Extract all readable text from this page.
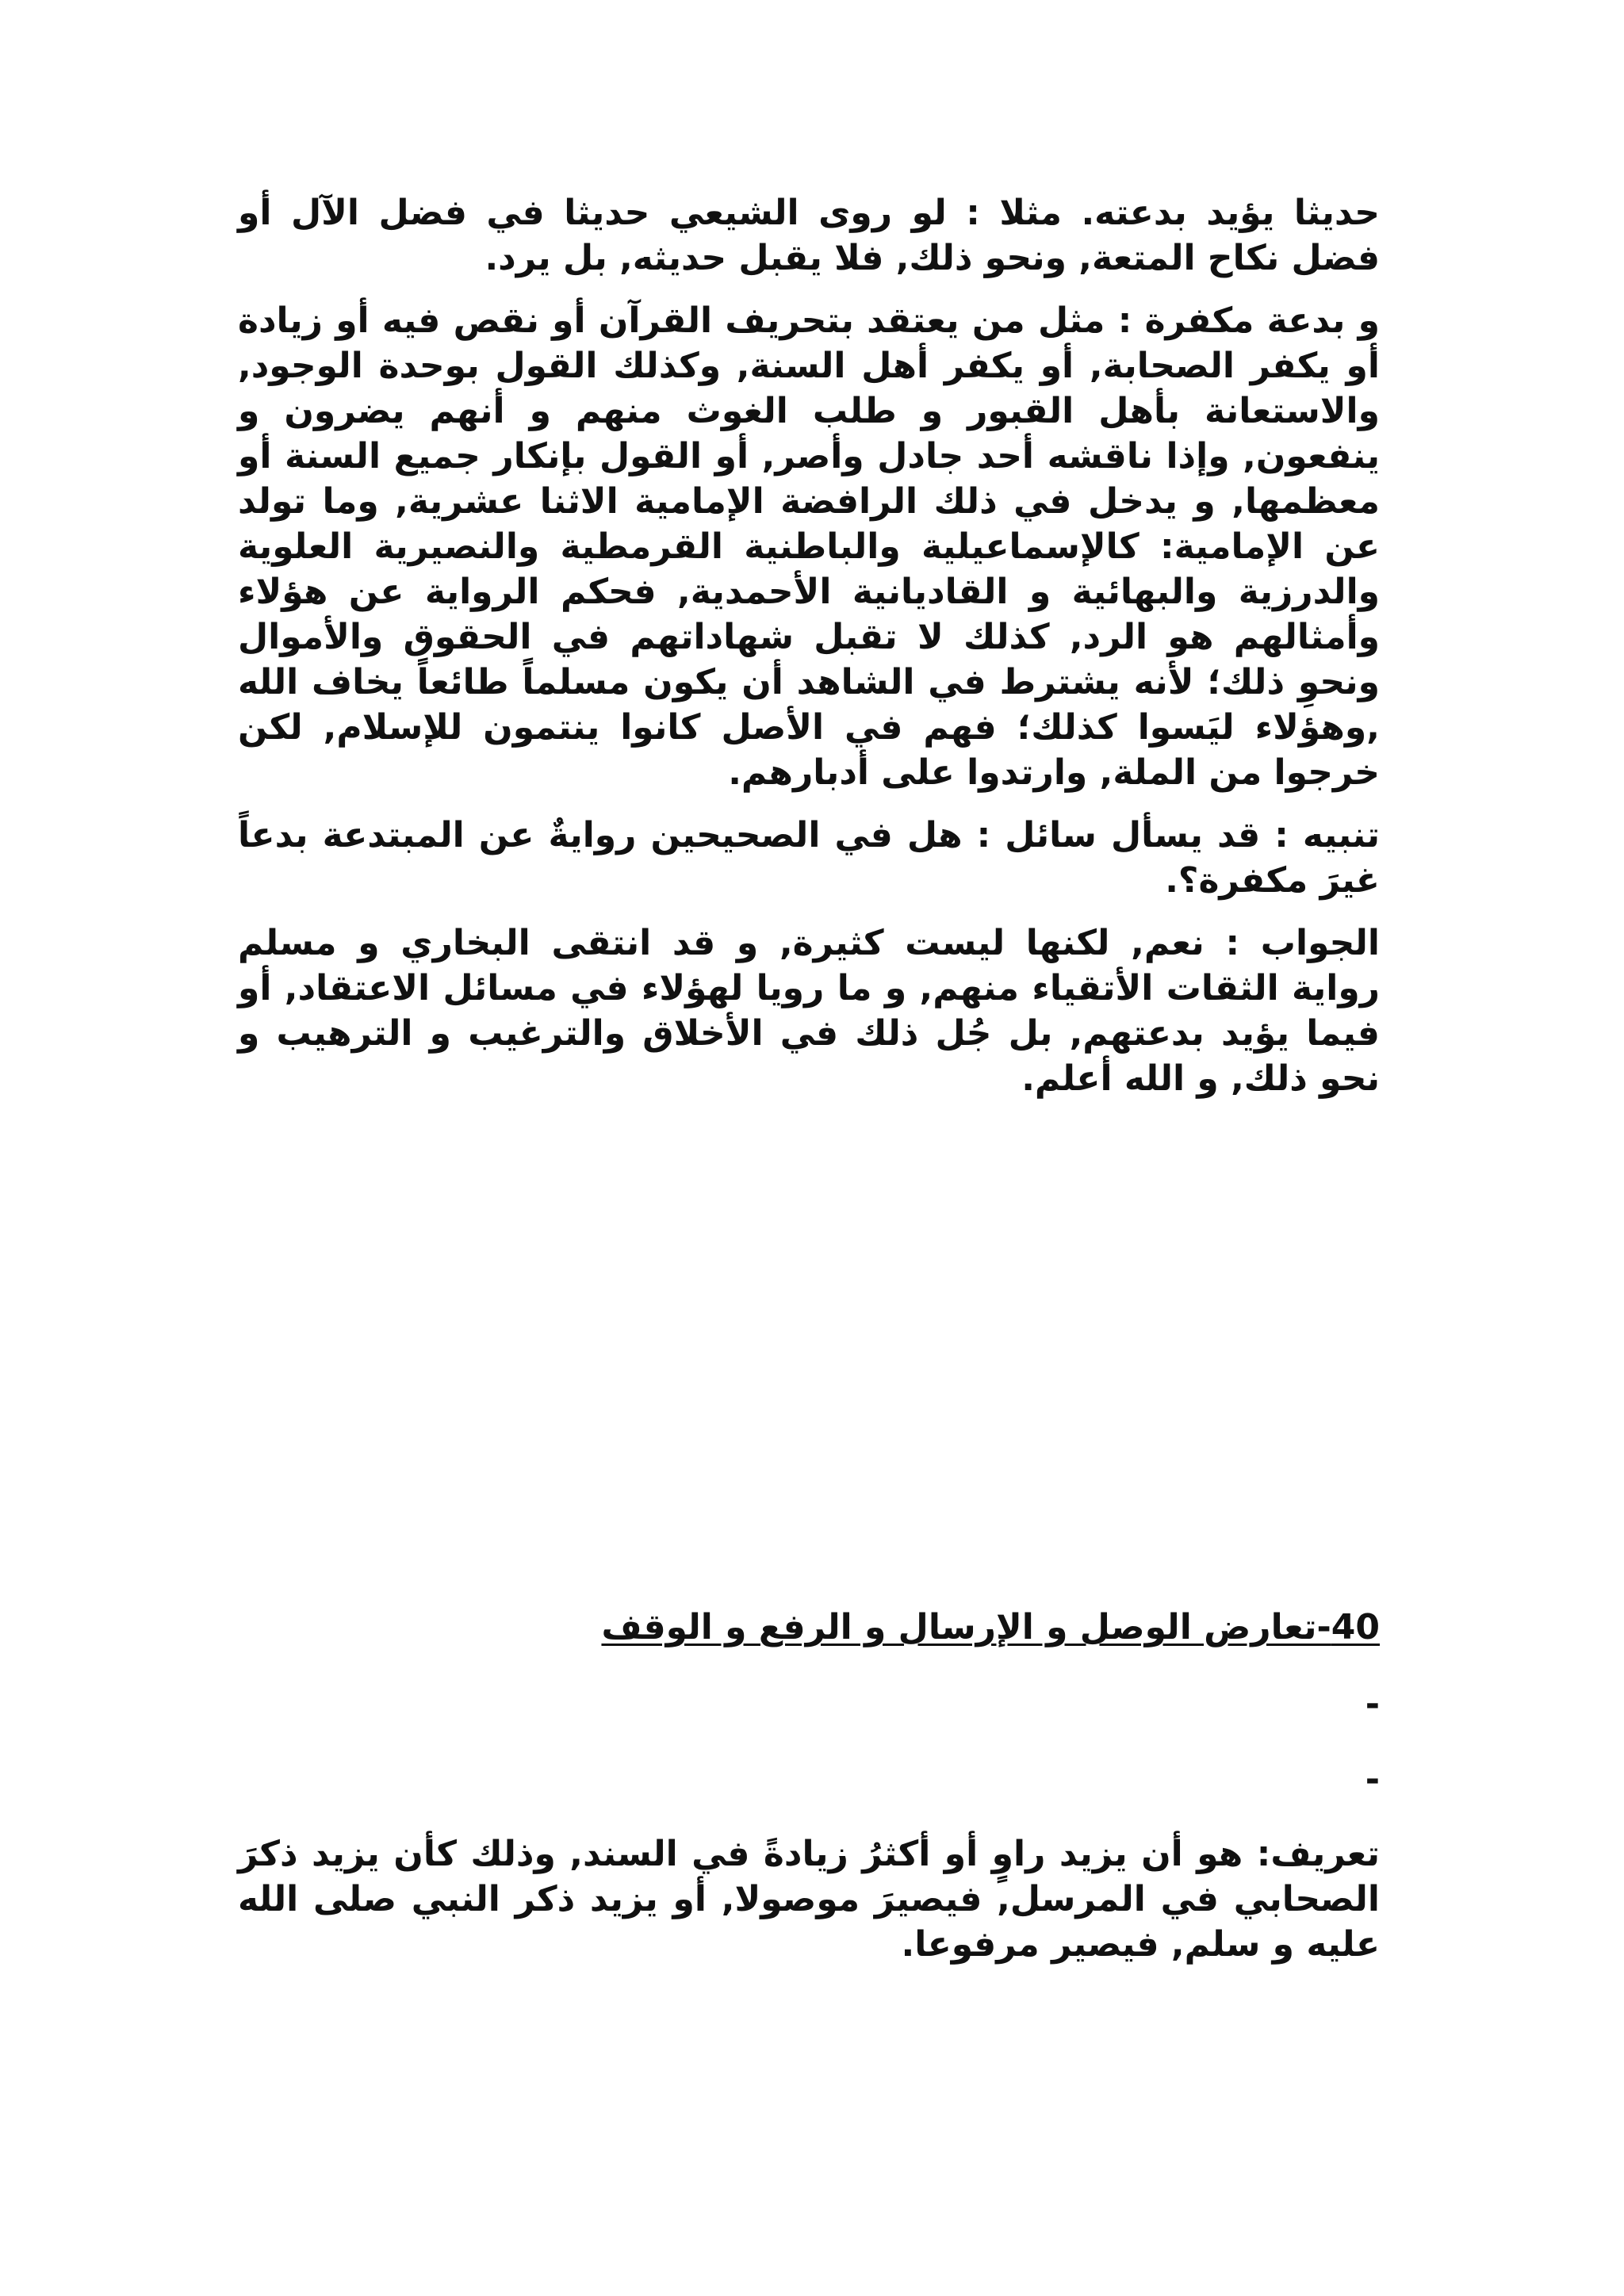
حديثا يؤيد بدعته. مثلا : لو روى الشيعي حديثا في فضل الآل أو فضل نكاح المتعة, ونحو ذلك, فلا يقبل حديثه, بل يرد.

و بدعة مكفرة : مثل من يعتقد بتحريف القرآن أو نقص فيه أو زيادة أو يكفر الصحابة, أو يكفر أهل السنة, وكذلك القول بوحدة الوجود, والاستعانة بأهل القبور و طلب الغوث منهم و أنهم يضرون و ينفعون, وإذا ناقشه أحد جادل وأصر, أو القول بإنكار جميع السنة أو معظمها, و يدخل في ذلك الرافضة الإمامية الاثنا عشرية, وما تولد عن الإمامية: كالإسماعيلية والباطنية القرمطية والنصيرية العلوية والدرزية والبهائية و القاديانية الأحمدية, فحكم الرواية عن هؤلاء وأمثالهم هو الرد, كذلك لا تقبل شهاداتهم في الحقوق والأموال ونحوِ ذلك؛ لأنه يشترط في الشاهد أن يكون مسلماً طائعاً يخاف الله ,وهؤلاء ليَسوا كذلك؛ فهم في الأصل كانوا ينتمون للإسلام, لكن خرجوا من الملة, وارتدوا على أدبارهم.

تنبيه : قد يسأل سائل : هل في الصحيحين روايةٌ عن المبتدعة بدعاً غيرَ مكفرة؟.

الجواب : نعم, لكنها ليست كثيرة, و قد انتقى البخاري و مسلم رواية الثقات الأتقياء منهم, و ما رويا لهؤلاء في مسائل الاعتقاد, أو فيما يؤيد بدعتهم, بل جُل ذلك في الأخلاق والترغيب و الترهيب و نحو ذلك, و الله أعلم.

40-تعارض الوصل و الإرسال و الرفع و الوقف

-

-

تعريف: هو أن يزيد راوٍ أو أكثرُ زيادةً في السند, وذلك كأن يزيد ذكرَ الصحابي في المرسل, فيصيرَ موصولا, أو يزيد ذكر النبي صلى الله عليه و سلم, فيصير مرفوعا.
